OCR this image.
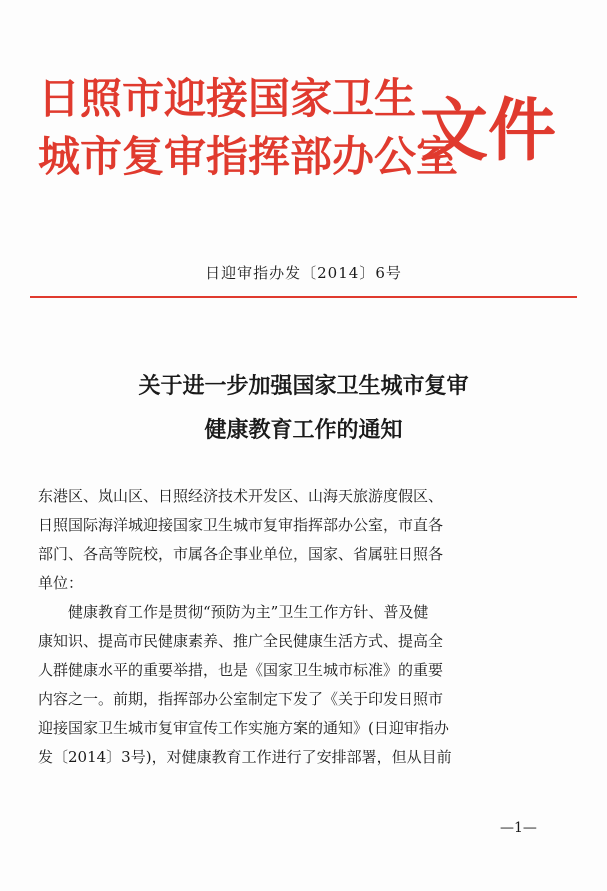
日照市迎接国家卫生
城市复审指挥部办公室
文件
日迎审指办发〔2014〕6号
关于进一步加强国家卫生城市复审
健康教育工作的通知
东港区、岚山区、日照经济技术开发区、山海天旅游度假区、
日照国际海洋城迎接国家卫生城市复审指挥部办公室，市直各
部门、各高等院校，市属各企事业单位，国家、省属驻日照各
单位：
　　健康教育工作是贯彻“预防为主”卫生工作方针、普及健
康知识、提高市民健康素养、推广全民健康生活方式、提高全
人群健康水平的重要举措，也是《国家卫生城市标准》的重要
内容之一。前期，指挥部办公室制定下发了《关于印发日照市
迎接国家卫生城市复审宣传工作实施方案的通知》(日迎审指办
发〔2014〕3号)，对健康教育工作进行了安排部署，但从目前
—1—
